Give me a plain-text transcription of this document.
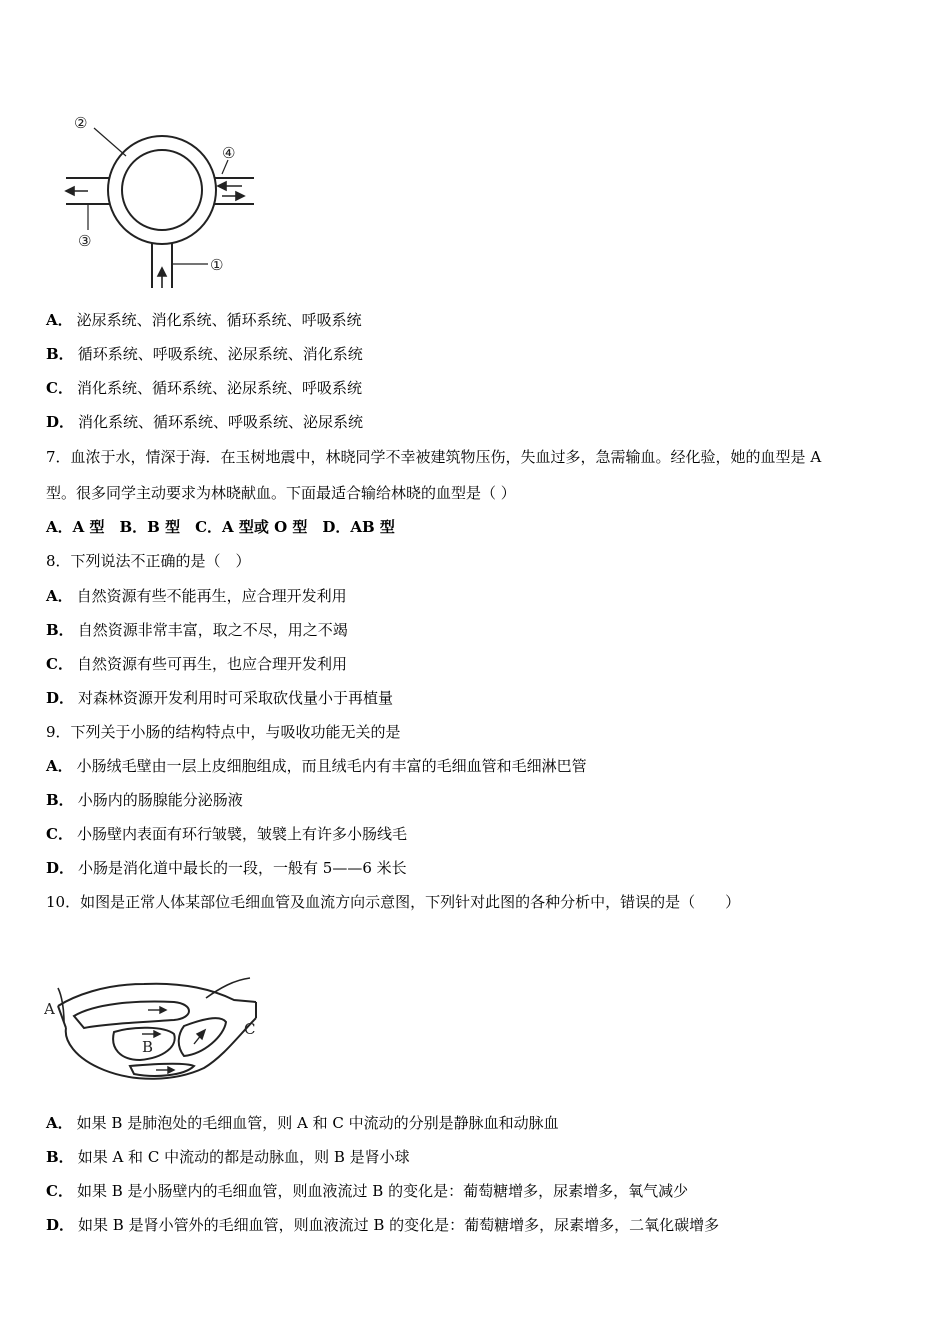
②
④
③
①
A． 泌尿系统、消化系统、循环系统、呼吸系统
B． 循环系统、呼吸系统、泌尿系统、消化系统
C． 消化系统、循环系统、泌尿系统、呼吸系统
D． 消化系统、循环系统、呼吸系统、泌尿系统
7．血浓于水，情深于海．在玉树地震中，林晓同学不幸被建筑物压伤，失血过多，急需输血。经化验，她的血型是 A
型。很多同学主动要求为林晓献血。下面最适合输给林晓的血型是（ ）
A．A 型　B．B 型　C．A 型或 O 型　D．AB 型
8．下列说法不正确的是（　）
A． 自然资源有些不能再生，应合理开发利用
B． 自然资源非常丰富，取之不尽，用之不竭
C． 自然资源有些可再生，也应合理开发利用
D． 对森林资源开发利用时可采取砍伐量小于再植量
9．下列关于小肠的结构特点中，与吸收功能无关的是
A． 小肠绒毛壁由一层上皮细胞组成，而且绒毛内有丰富的毛细血管和毛细淋巴管
B． 小肠内的肠腺能分泌肠液
C． 小肠壁内表面有环行皱襞，皱襞上有许多小肠线毛
D． 小肠是消化道中最长的一段，一般有 5——6 米长
10．如图是正常人体某部位毛细血管及血流方向示意图，下列针对此图的各种分析中，错误的是（　　）
A
B
C
A． 如果 B 是肺泡处的毛细血管，则 A 和 C 中流动的分别是静脉血和动脉血
B． 如果 A 和 C 中流动的都是动脉血，则 B 是肾小球
C． 如果 B 是小肠壁内的毛细血管，则血液流过 B 的变化是：葡萄糖增多，尿素增多，氧气减少
D． 如果 B 是肾小管外的毛细血管，则血液流过 B 的变化是：葡萄糖增多，尿素增多，二氧化碳增多
